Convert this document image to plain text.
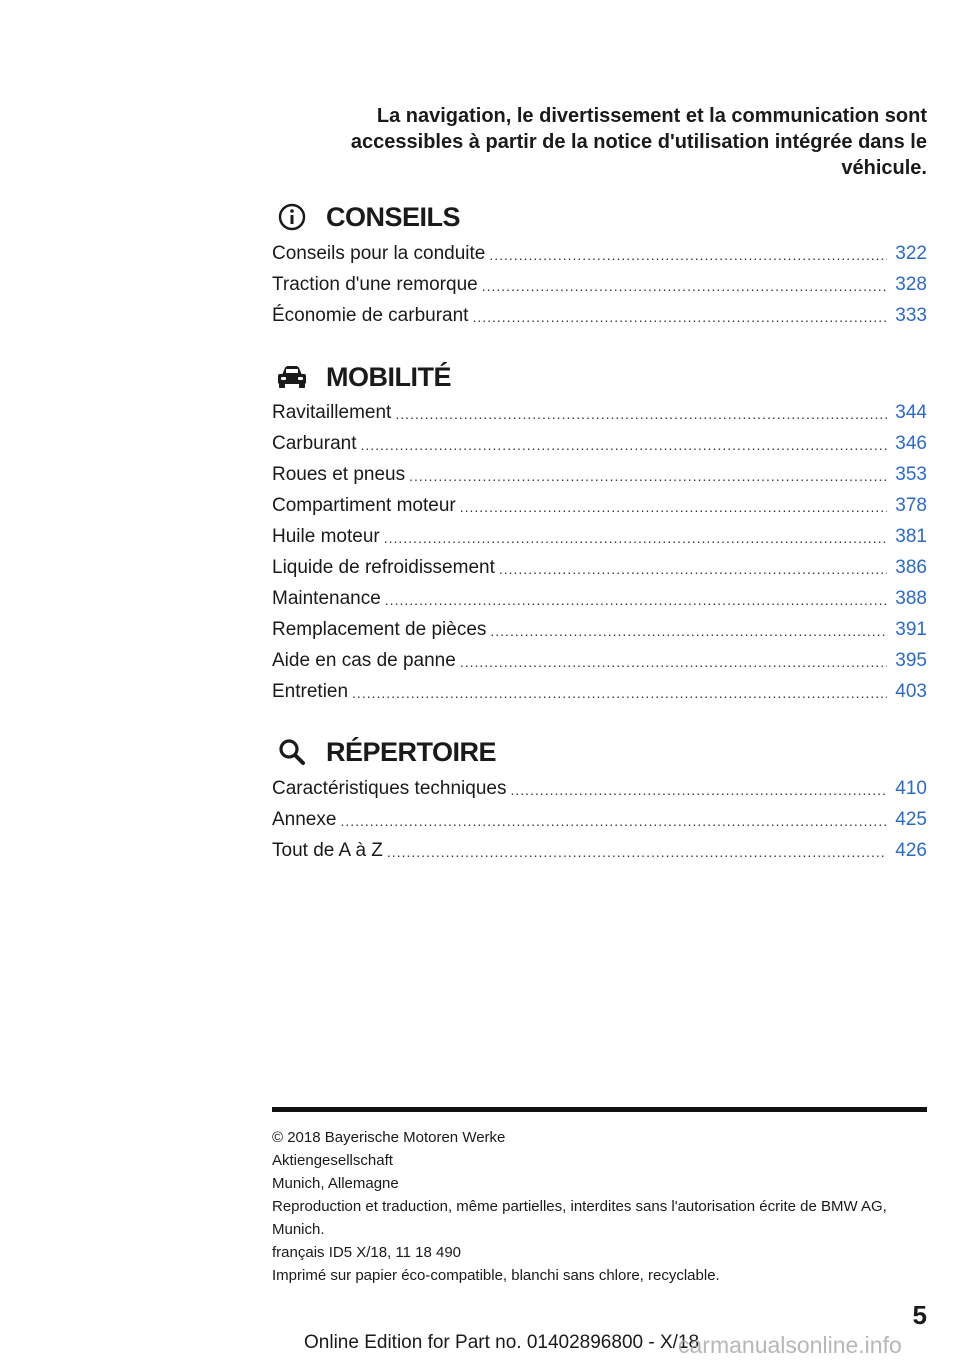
La navigation, le divertissement et la communication sont
accessibles à partir de la notice d'utilisation intégrée dans le
véhicule.
CONSEILS
Conseils pour la conduite .....	322
Traction d'une remorque .....	328
Économie de carburant .....	333
MOBILITÉ
Ravitaillement .....	344
Carburant .....	346
Roues et pneus .....	353
Compartiment moteur .....	378
Huile moteur .....	381
Liquide de refroidissement .....	386
Maintenance .....	388
Remplacement de pièces .....	391
Aide en cas de panne .....	395
Entretien .....	403
RÉPERTOIRE
Caractéristiques techniques .....	410
Annexe .....	425
Tout de A à Z .....	426
© 2018 Bayerische Motoren Werke
Aktiengesellschaft
Munich, Allemagne
Reproduction et traduction, même partielles, interdites sans l'autorisation écrite de BMW AG,
Munich.
français ID5 X/18, 11 18 490
Imprimé sur papier éco-compatible, blanchi sans chlore, recyclable.
5
Online Edition for Part no. 01402896800 - X/18
carmanualsonline.info
